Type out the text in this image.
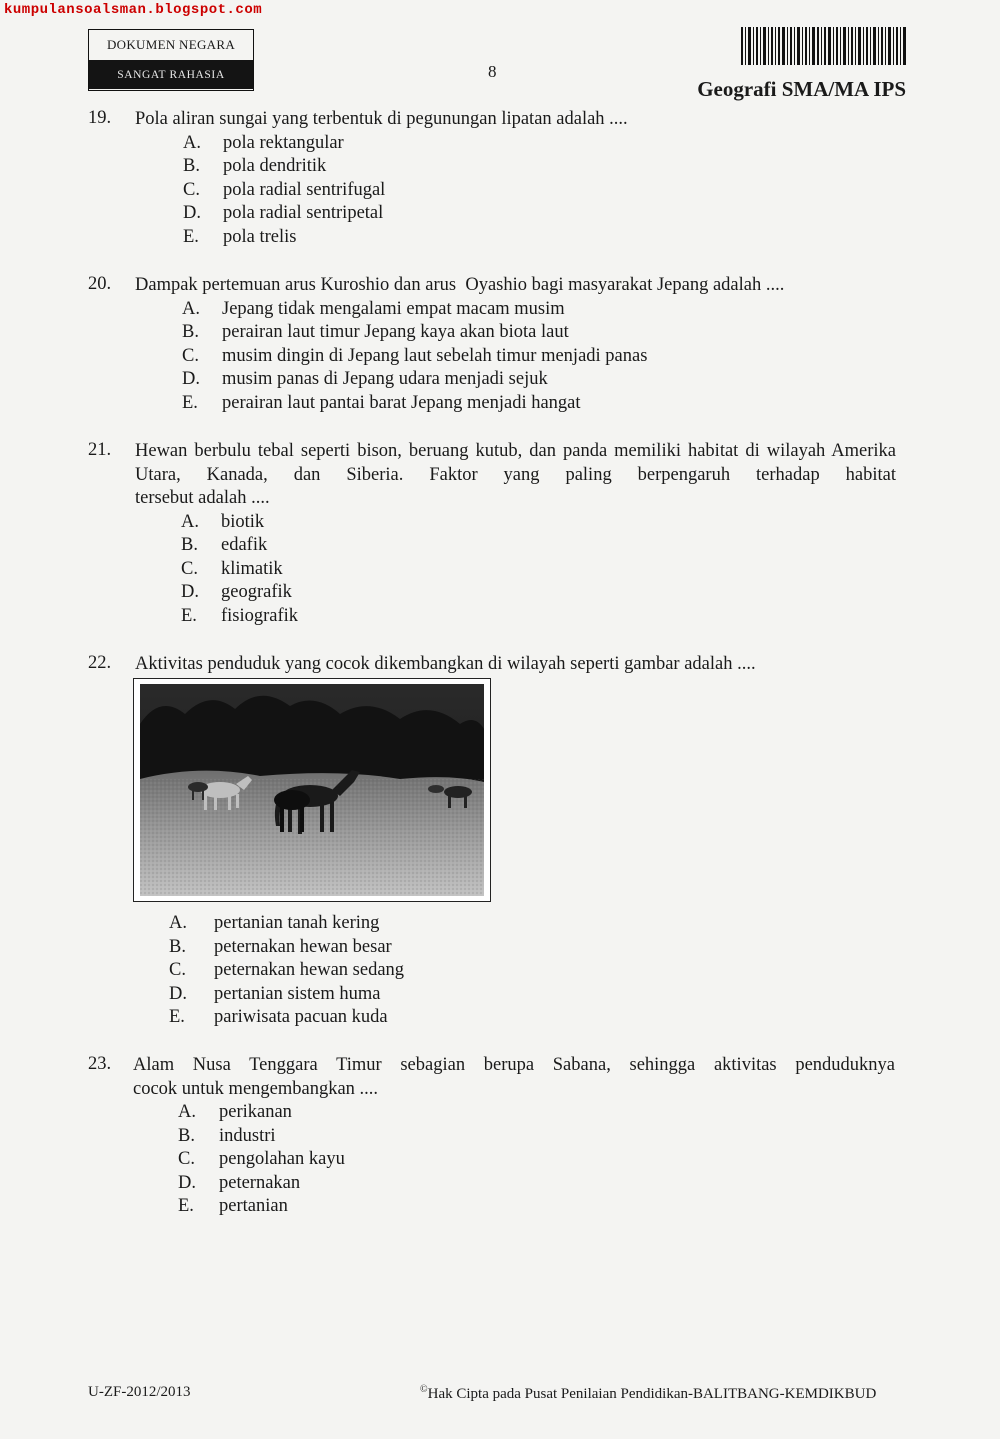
kumpulansoalsman.blogspot.com
DOKUMEN NEGARA
SANGAT RAHASIA	8
Geografi SMA/MA IPS
19. Pola aliran sungai yang terbentuk di pegunungan lipatan adalah ....
A. pola rektangular
B. pola dendritik
C. pola radial sentrifugal
D. pola radial sentripetal
E. pola trelis
20. Dampak pertemuan arus Kuroshio dan arus  Oyashio bagi masyarakat Jepang adalah ....
A. Jepang tidak mengalami empat macam musim
B. perairan laut timur Jepang kaya akan biota laut
C. musim dingin di Jepang laut sebelah timur menjadi panas
D. musim panas di Jepang udara menjadi sejuk
E. perairan laut pantai barat Jepang menjadi hangat
21. Hewan berbulu tebal seperti bison, beruang kutub, dan panda memiliki habitat di wilayah Amerika Utara, Kanada, dan Siberia. Faktor yang paling berpengaruh terhadap habitat
tersebut adalah ....
A. biotik
B. edafik
C. klimatik
D. geografik
E. fisiografik
22. Aktivitas penduduk yang cocok dikembangkan di wilayah seperti gambar adalah ....
A. pertanian tanah kering
B. peternakan hewan besar
C. peternakan hewan sedang
D. pertanian sistem huma
E. pariwisata pacuan kuda
23. Alam Nusa Tenggara Timur sebagian berupa Sabana, sehingga aktivitas penduduknya
cocok untuk mengembangkan ....
A. perikanan
B. industri
C. pengolahan kayu
D. peternakan
E. pertanian
U-ZF-2012/2013	©Hak Cipta pada Pusat Penilaian Pendidikan-BALITBANG-KEMDIKBUD
